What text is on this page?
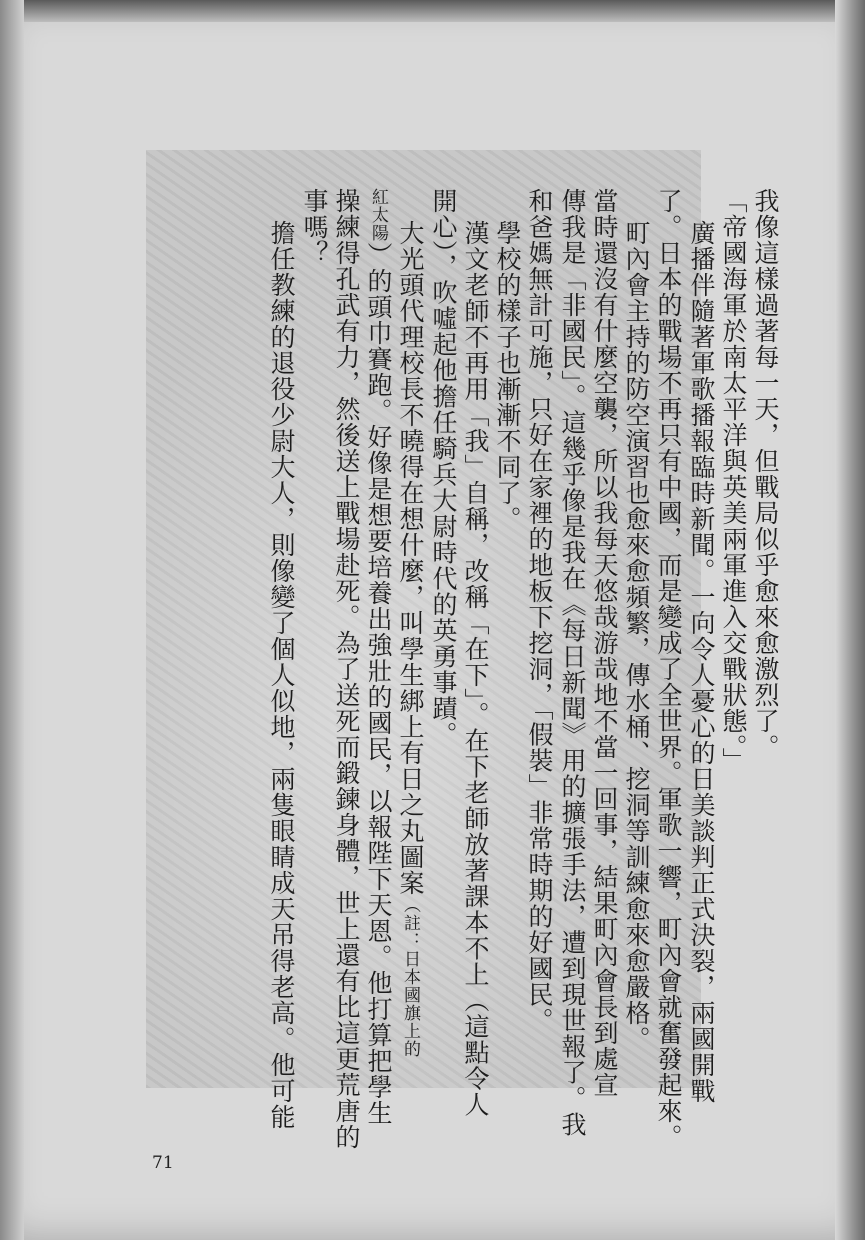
我像這樣過著每一天，但戰局似乎愈來愈激烈了。
「帝國海軍於南太平洋與英美兩軍進入交戰狀態。」
廣播伴隨著軍歌播報臨時新聞。一向令人憂心的日美談判正式決裂，兩國開戰
了。日本的戰場不再只有中國，而是變成了全世界。軍歌一響，町內會就奮發起來。
町內會主持的防空演習也愈來愈頻繁，傳水桶、挖洞等訓練愈來愈嚴格。
當時還沒有什麼空襲，所以我每天悠哉游哉地不當一回事，結果町內會長到處宣
傳我是「非國民」。這幾乎像是我在《每日新聞》用的擴張手法，遭到現世報了。我
和爸媽無計可施，只好在家裡的地板下挖洞，「假裝」非常時期的好國民。
學校的樣子也漸漸不同了。
漢文老師不再用「我」自稱，改稱「在下」。在下老師放著課本不上（這點令人
開心），吹噓起他擔任騎兵大尉時代的英勇事蹟。
大光頭代理校長不曉得在想什麼，叫學生綁上有日之丸圖案（註：日本國旗上的
紅太陽）的頭巾賽跑。好像是想要培養出強壯的國民，以報陛下天恩。他打算把學生
操練得孔武有力，然後送上戰場赴死。為了送死而鍛鍊身體，世上還有比這更荒唐的
事嗎？
擔任教練的退役少尉大人，則像變了個人似地，兩隻眼睛成天吊得老高。他可能
71
